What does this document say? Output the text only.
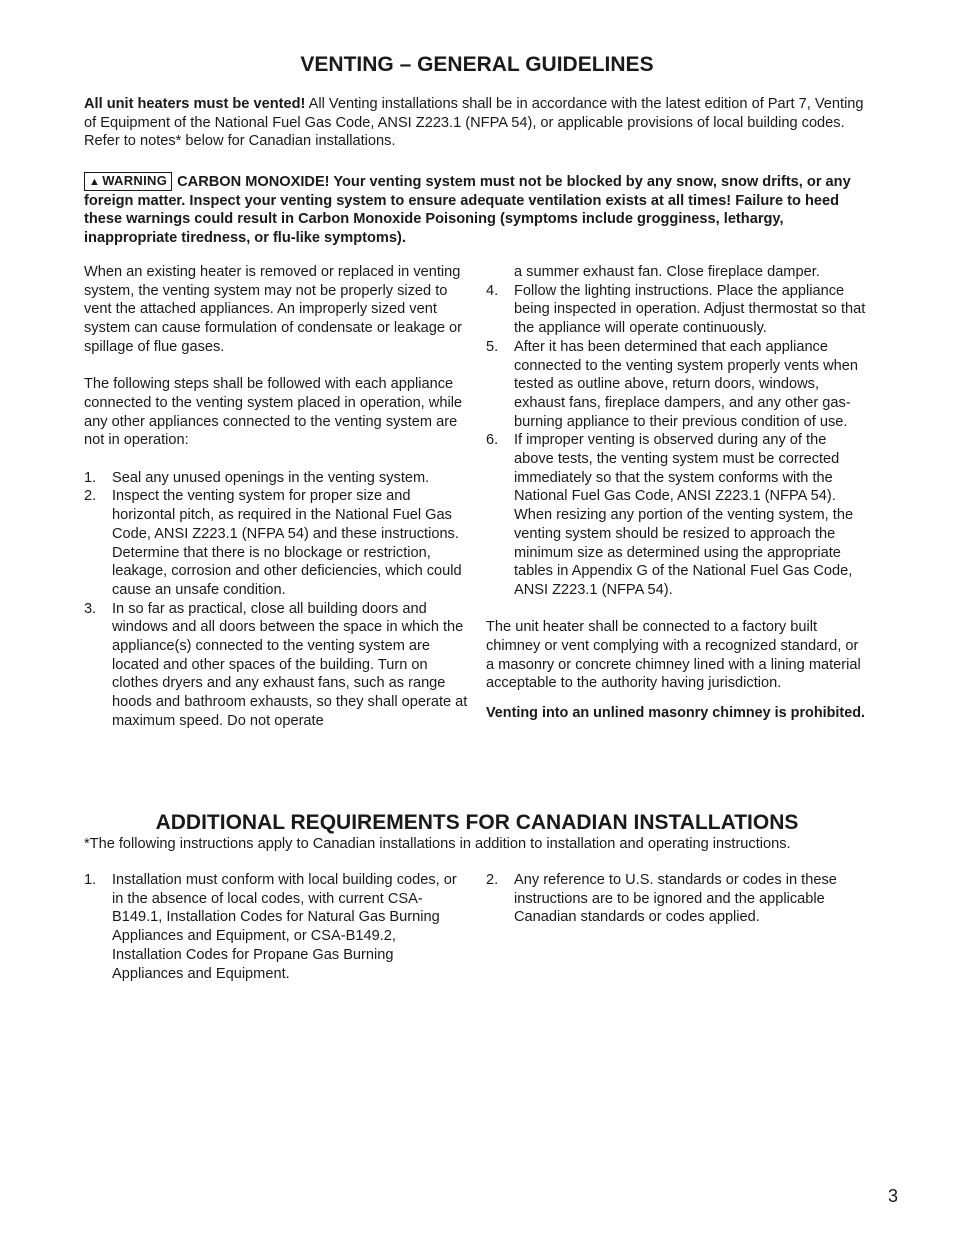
VENTING – GENERAL GUIDELINES

All unit heaters must be vented! All Venting installations shall be in accordance with the latest edition of Part 7, Venting of Equipment of the National Fuel Gas Code, ANSI Z223.1 (NFPA 54), or applicable provisions of local building codes. Refer to notes* below for Canadian installations.

▲ WARNING CARBON MONOXIDE! Your venting system must not be blocked by any snow, snow drifts, or any foreign matter. Inspect your venting system to ensure adequate ventilation exists at all times! Failure to heed these warnings could result in Carbon Monoxide Poisoning (symptoms include grogginess, lethargy, inappropriate tiredness, or flu-like symptoms).

When an existing heater is removed or replaced in venting system, the venting system may not be properly sized to vent the attached appliances. An improperly sized vent system can cause formulation of condensate or leakage or spillage of flue gases.

The following steps shall be followed with each appliance connected to the venting system placed in operation, while any other appliances connected to the venting system are not in operation:

1. Seal any unused openings in the venting system.
2. Inspect the venting system for proper size and horizontal pitch, as required in the National Fuel Gas Code, ANSI Z223.1 (NFPA 54) and these instructions. Determine that there is no blockage or restriction, leakage, corrosion and other deficiencies, which could cause an unsafe condition.
3. In so far as practical, close all building doors and windows and all doors between the space in which the appliance(s) connected to the venting system are located and other spaces of the building. Turn on clothes dryers and any exhaust fans, such as range hoods and bathroom exhausts, so they shall operate at maximum speed. Do not operate
a summer exhaust fan. Close fireplace damper.
4. Follow the lighting instructions. Place the appliance being inspected in operation. Adjust thermostat so that the appliance will operate continuously.
5. After it has been determined that each appliance connected to the venting system properly vents when tested as outline above, return doors, windows, exhaust fans, fireplace dampers, and any other gas-burning appliance to their previous condition of use.
6. If improper venting is observed during any of the above tests, the venting system must be corrected immediately so that the system conforms with the National Fuel Gas Code, ANSI Z223.1 (NFPA 54). When resizing any portion of the venting system, the venting system should be resized to approach the minimum size as determined using the appropriate tables in Appendix G of the National Fuel Gas Code, ANSI Z223.1 (NFPA 54).

The unit heater shall be connected to a factory built chimney or vent complying with a recognized standard, or a masonry or concrete chimney lined with a lining material acceptable to the authority having jurisdiction.

Venting into an unlined masonry chimney is prohibited.

ADDITIONAL REQUIREMENTS FOR CANADIAN INSTALLATIONS

*The following instructions apply to Canadian installations in addition to installation and operating instructions.

1. Installation must conform with local building codes, or in the absence of local codes, with current CSA-B149.1, Installation Codes for Natural Gas Burning Appliances and Equipment, or CSA-B149.2, Installation Codes for Propane Gas Burning Appliances and Equipment.
2. Any reference to U.S. standards or codes in these instructions are to be ignored and the applicable Canadian standards or codes applied.
3
